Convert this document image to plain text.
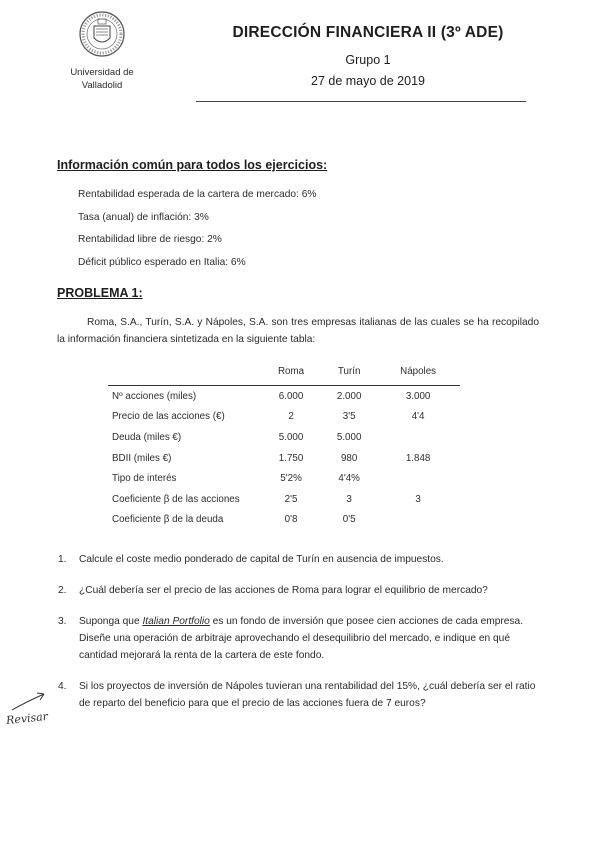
Universidad de
Valladolid
DIRECCIÓN FINANCIERA II (3º ADE)
Grupo 1
27 de mayo de 2019
Información común para todos los ejercicios:
Rentabilidad esperada de la cartera de mercado: 6%
Tasa (anual) de inflación: 3%
Rentabilidad libre de riesgo: 2%
Déficit público esperado en Italia: 6%
PROBLEMA 1:
Roma, S.A., Turín, S.A. y Nápoles, S.A. son tres empresas italianas de las cuales se ha recopilado la información financiera sintetizada en la siguiente tabla:
	Roma	Turín	Nápoles
Nº acciones (miles)	6.000	2.000	3.000
Precio de las acciones (€)	2	3'5	4'4
Deuda (miles €)	5.000	5.000	
BDII (miles €)	1.750	980	1.848
Tipo de interés	5'2%	4'4%	
Coeficiente β de las acciones	2'5	3	3
Coeficiente β de la deuda	0'8	0'5	
1. Calcule el coste medio ponderado de capital de Turín en ausencia de impuestos.
2. ¿Cuál debería ser el precio de las acciones de Roma para lograr el equilibrio de mercado?
3. Suponga que Italian Portfolio es un fondo de inversión que posee cien acciones de cada empresa. Diseñe una operación de arbitraje aprovechando el desequilibrio del mercado, e indique en qué cantidad mejorará la renta de la cartera de este fondo.
4. Si los proyectos de inversión de Nápoles tuvieran una rentabilidad del 15%, ¿cuál debería ser el ratio de reparto del beneficio para que el precio de las acciones fuera de 7 euros?
Revisar
